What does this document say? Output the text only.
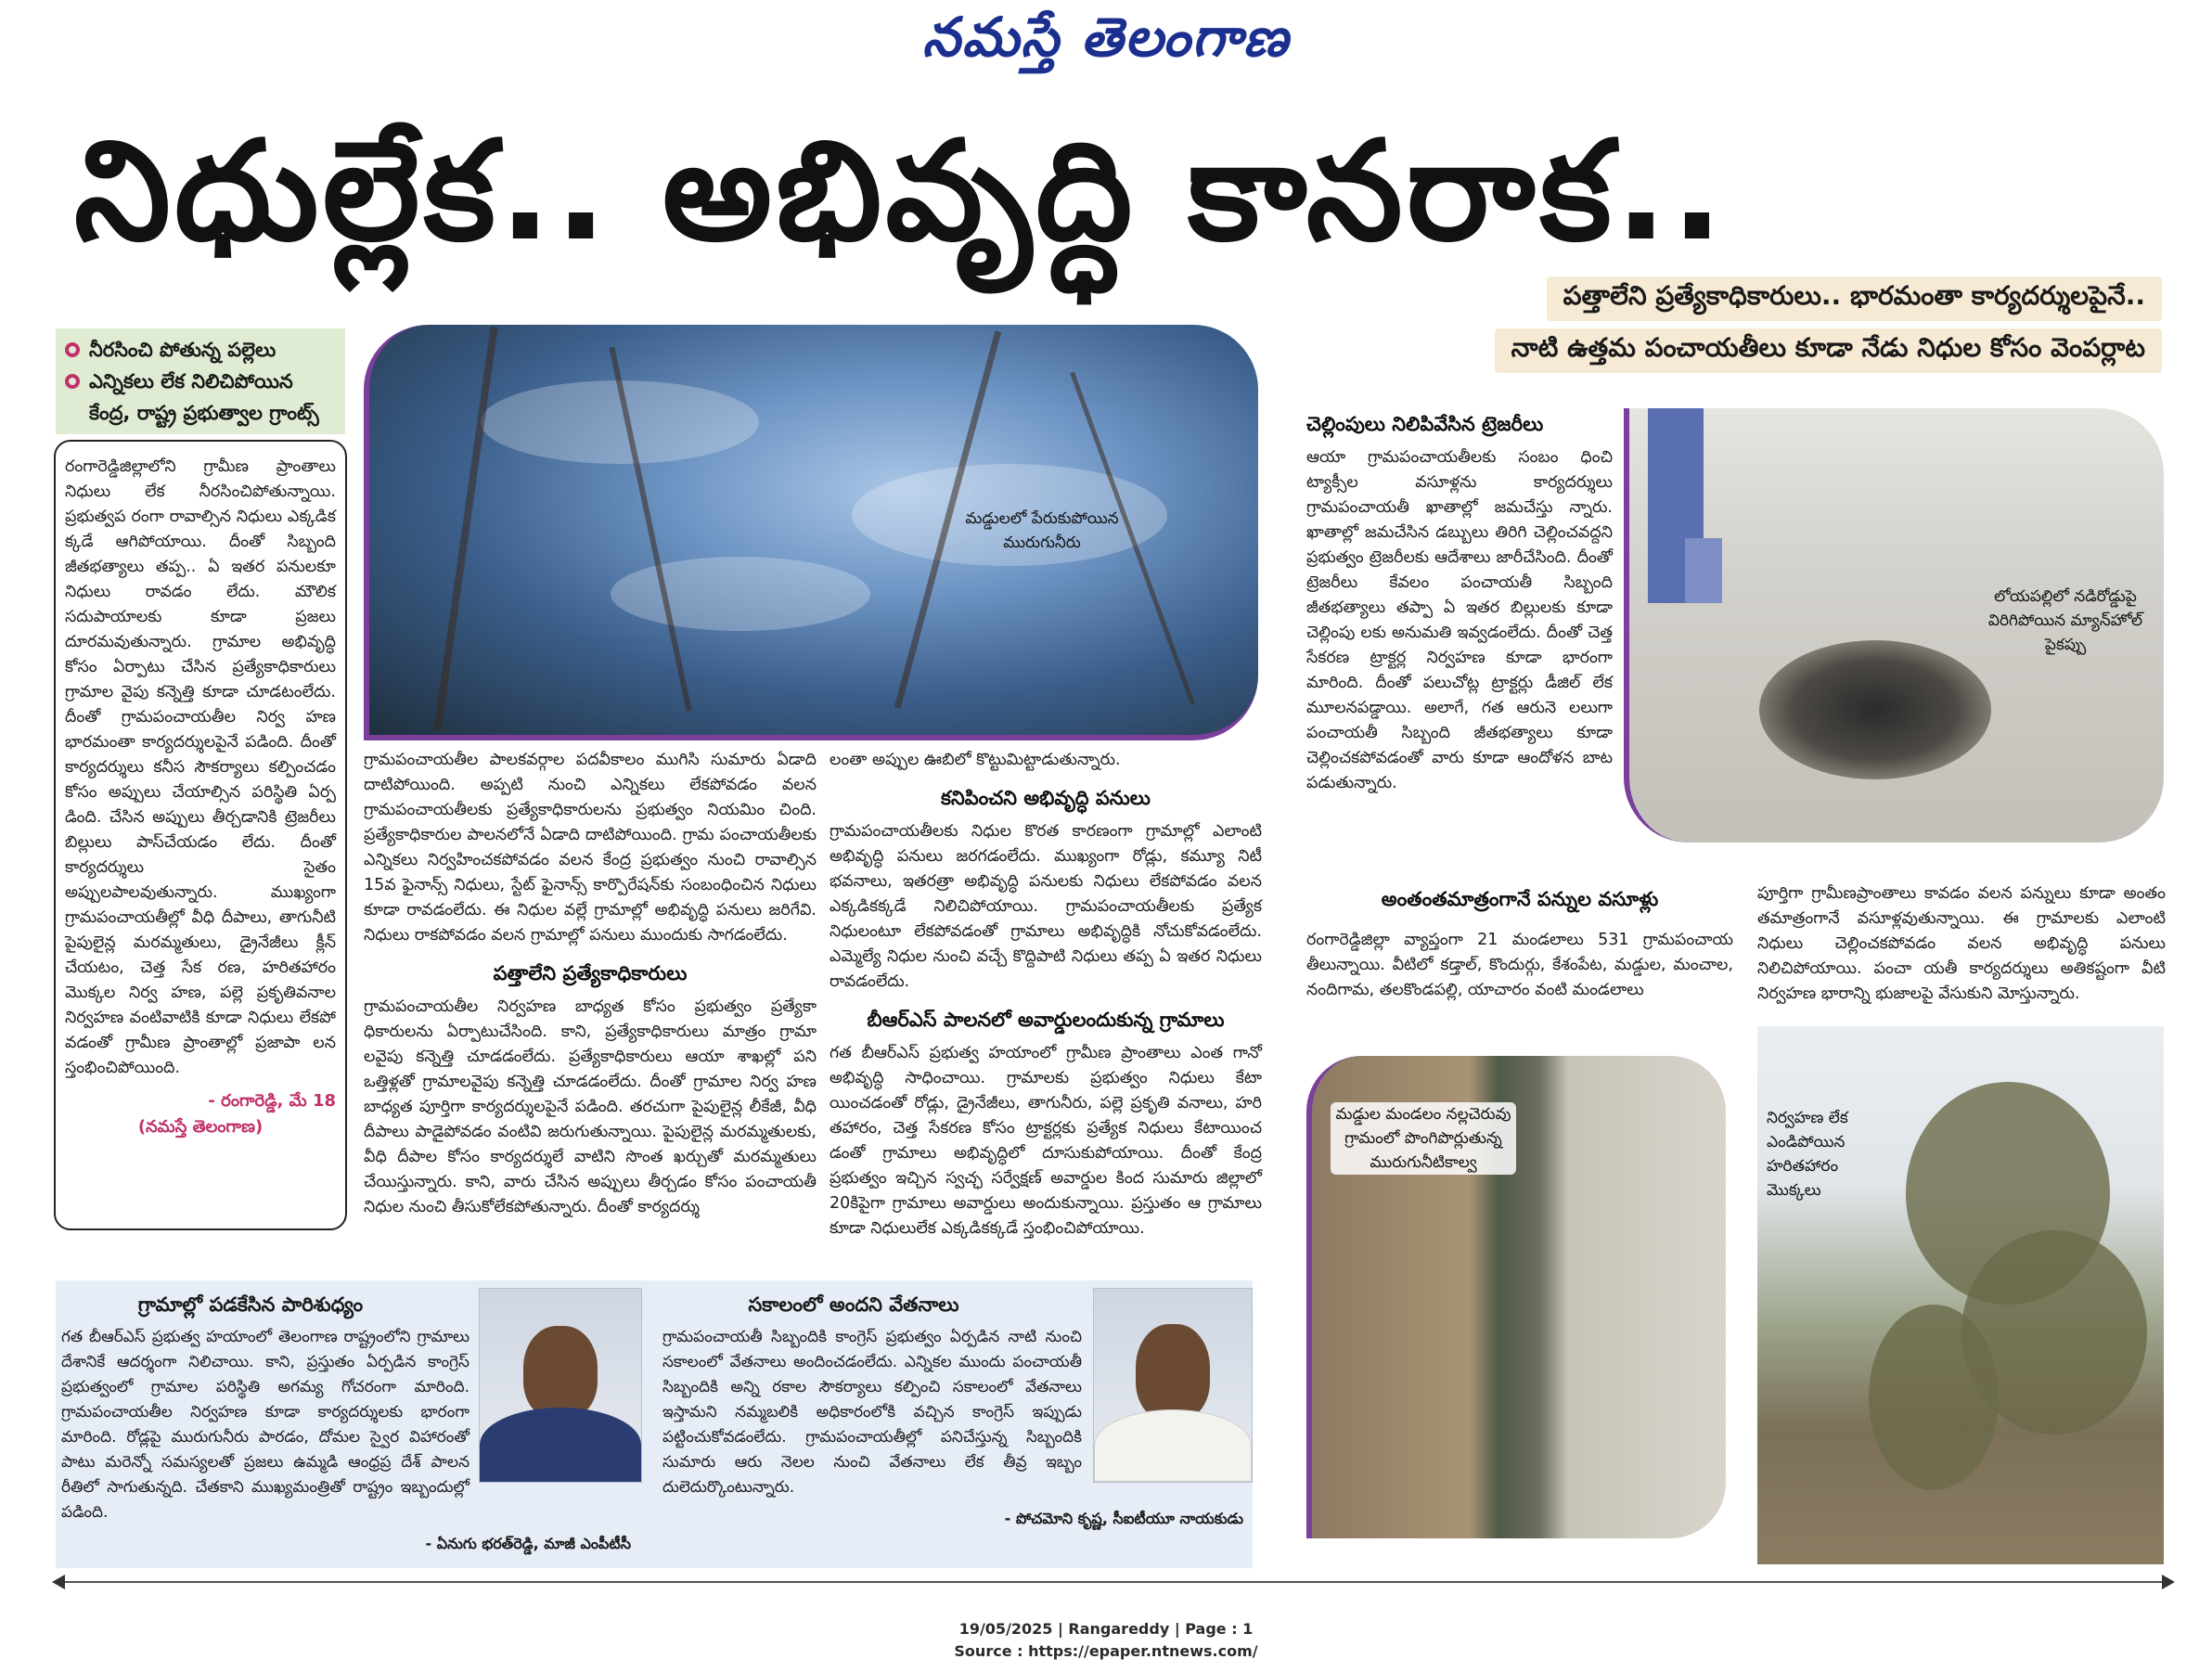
నమస్తే తెలంగాణ
నిధుల్లేక.. అభివృద్ధి కానరాక..
పత్తాలేని ప్రత్యేకాధికారులు.. భారమంతా కార్యదర్శులపైనే..
నాటి ఉత్తమ పంచాయతీలు కూడా నేడు నిధుల కోసం వెంపర్లాట
నీరసించి పోతున్న పల్లెలు
ఎన్నికలు లేక నిలిచిపోయిన
కేంద్ర, రాష్ట్ర ప్రభుత్వాల గ్రాంట్స్

రంగారెడ్డిజిల్లాలోని గ్రామీణ ప్రాంతాలు నిధులు లేక నీరసించిపోతున్నాయి. ప్రభుత్వప రంగా రావాల్సిన నిధులు ఎక్కడిక క్కడే ఆగిపోయాయి. దీంతో సిబ్బంది జీతభత్యాలు తప్ప.. ఏ ఇతర పనులకూ నిధులు రావడం లేదు. మౌలిక సదుపాయాలకు కూడా ప్రజలు దూరమవుతున్నారు. గ్రామాల అభివృద్ధి కోసం ఏర్పాటు చేసిన ప్రత్యేకాధికారులు గ్రామాల వైపు కన్నెత్తి కూడా చూడటంలేదు. దీంతో గ్రామపంచాయతీల నిర్వ హణ భారమంతా కార్యదర్శులపైనే పడింది. దీంతో కార్యదర్శులు కనీస సౌకర్యాలు కల్పించడం కోసం అప్పులు చేయాల్సిన పరిస్థితి ఏర్ప డింది. చేసిన అప్పులు తీర్చడానికి ట్రెజరీలు బిల్లులు పాస్‌చేయడం లేదు. దీంతో కార్యదర్శులు సైతం అప్పులపాలవుతున్నారు. ముఖ్యంగా గ్రామపంచాయతీల్లో వీధి దీపాలు, తాగునీటి పైపులైన్ల మరమ్మతులు, డ్రైనేజీలు క్లీన్ చేయటం, చెత్త సేక రణ, హరితహారం మొక్కల నిర్వ హణ, పల్లె ప్రకృతివనాల నిర్వహణ వంటివాటికి కూడా నిధులు లేకపో వడంతో గ్రామీణ ప్రాంతాల్లో ప్రజాపా లన స్తంభించిపోయింది.

- రంగారెడ్డి, మే 18
(నమస్తే తెలంగాణ)
మడ్డులలో పేరుకుపోయిన మురుగునీరు

గ్రామపంచాయతీల పాలకవర్గాల పదవీకాలం ముగిసి సుమారు ఏడాది దాటిపోయింది. అప్పటి నుంచి ఎన్నికలు లేకపోవడం వలన గ్రామపంచాయతీలకు ప్రత్యేకాధికారులను ప్రభుత్వం నియమిం చింది. ప్రత్యేకాధికారుల పాలనలోనే ఏడాది దాటిపోయింది. గ్రామ పంచాయతీలకు ఎన్నికలు నిర్వహించకపోవడం వలన కేంద్ర ప్రభుత్వం నుంచి రావాల్సిన 15వ ఫైనాన్స్ నిధులు, స్టేట్ ఫైనాన్స్ కార్పొరేషన్‌కు సంబంధించిన నిధులు కూడా రావడంలేదు. ఈ నిధుల వల్లే గ్రామాల్లో అభివృద్ధి పనులు జరిగేవి. నిధులు రాకపోవడం వలన గ్రామాల్లో పనులు ముందుకు సాగడంలేదు.

పత్తాలేని ప్రత్యేకాధికారులు

గ్రామపంచాయతీల నిర్వహణ బాధ్యత కోసం ప్రభుత్వం ప్రత్యేకా ధికారులను ఏర్పాటుచేసింది. కాని, ప్రత్యేకాధికారులు మాత్రం గ్రామా లవైపు కన్నెత్తి చూడడంలేదు. ప్రత్యేకాధికారులు ఆయా శాఖల్లో పని ఒత్తిళ్లతో గ్రామాలవైపు కన్నెత్తి చూడడంలేదు. దీంతో గ్రామాల నిర్వ హణ బాధ్యత పూర్తిగా కార్యదర్శులపైనే పడింది. తరచుగా పైపులైన్ల లీకేజీ, వీధి దీపాలు పాడైపోవడం వంటివి జరుగుతున్నాయి. పైపులైన్ల మరమ్మతులకు, వీధి దీపాల కోసం కార్యదర్శులే వాటిని సొంత ఖర్చుతో మరమ్మతులు చేయిస్తున్నారు. కాని, వారు చేసిన అప్పులు తీర్చడం కోసం పంచాయతీ నిధుల నుంచి తీసుకోలేకపోతున్నారు. దీంతో కార్యదర్శు

లంతా అప్పుల ఊబిలో కొట్టుమిట్టాడుతున్నారు.

కనిపించని అభివృద్ధి పనులు

గ్రామపంచాయతీలకు నిధుల కొరత కారణంగా గ్రామాల్లో ఎలాంటి అభివృద్ధి పనులు జరగడంలేదు. ముఖ్యంగా రోడ్లు, కమ్యూ నిటీ భవనాలు, ఇతరత్రా అభివృద్ధి పనులకు నిధులు లేకపోవడం వలన ఎక్కడికక్కడే నిలిచిపోయాయి. గ్రామపంచాయతీలకు ప్రత్యేక నిధులంటూ లేకపోవడంతో గ్రామాలు అభివృద్ధికి నోచుకోవడంలేదు. ఎమ్మెల్యే నిధుల నుంచి వచ్చే కొద్దిపాటి నిధులు తప్ప ఏ ఇతర నిధులు రావడంలేదు.

బీఆర్‌ఎస్ పాలనలో అవార్డులందుకున్న గ్రామాలు

గత బీఆర్‌ఎస్ ప్రభుత్వ హయాంలో గ్రామీణ ప్రాంతాలు ఎంత గానో అభివృద్ధి సాధించాయి. గ్రామాలకు ప్రభుత్వం నిధులు కేటా యించడంతో రోడ్లు, డ్రైనేజీలు, తాగునీరు, పల్లె ప్రకృతి వనాలు, హరి తహారం, చెత్త సేకరణ కోసం ట్రాక్టర్లకు ప్రత్యేక నిధులు కేటాయించ డంతో గ్రామాలు అభివృద్ధిలో దూసుకుపోయాయి. దీంతో కేంద్ర ప్రభుత్వం ఇచ్చిన స్వచ్ఛ సర్వేక్షణ్ అవార్డుల కింద సుమారు జిల్లాలో 20కిపైగా గ్రామాలు అవార్డులు అందుకున్నాయి. ప్రస్తుతం ఆ గ్రామాలు కూడా నిధులులేక ఎక్కడికక్కడే స్తంభించిపోయాయి.

చెల్లింపులు నిలిపివేసిన ట్రెజరీలు

ఆయా గ్రామపంచాయతీలకు సంబం ధించి ట్యాక్సీల వసూళ్లను కార్యదర్శులు గ్రామపంచాయతీ ఖాతాల్లో జమచేస్తు న్నారు. ఖాతాల్లో జమచేసిన డబ్బులు తిరిగి చెల్లించవద్దని ప్రభుత్వం ట్రెజరీలకు ఆదేశాలు జారీచేసింది. దీంతో ట్రెజరీలు కేవలం పంచాయతీ సిబ్బంది జీతభత్యాలు తప్పా ఏ ఇతర బిల్లులకు కూడా చెల్లింపు లకు అనుమతి ఇవ్వడంలేదు. దీంతో చెత్త సేకరణ ట్రాక్టర్ల నిర్వహణ కూడా భారంగా మారింది. దీంతో పలుచోట్ల ట్రాక్టర్లు డీజిల్ లేక మూలనపడ్డాయి. అలాగే, గత ఆరునె లలుగా పంచాయతీ సిబ్బంది జీతభత్యాలు కూడా చెల్లించకపోవడంతో వారు కూడా ఆందోళన బాట పడుతున్నారు.

లోయపల్లిలో నడిరోడ్డుపై విరిగిపోయిన మ్యాన్‌హోల్ పైకప్పు
అంతంతమాత్రంగానే పన్నుల వసూళ్లు

రంగారెడ్డిజిల్లా వ్యాప్తంగా 21 మండలాలు 531 గ్రామపంచాయ తీలున్నాయి. వీటిలో కడ్తాల్, కొందుర్గు, కేశంపేట, మడ్డుల, మంచాల, నందిగామ, తలకొండపల్లి, యాచారం వంటి మండలాలు

పూర్తిగా గ్రామీణప్రాంతాలు కావడం వలన పన్నులు కూడా అంతం తమాత్రంగానే వసూళ్లవుతున్నాయి. ఈ గ్రామాలకు ఎలాంటి నిధులు చెల్లించకపోవడం వలన అభివృద్ధి పనులు నిలిచిపోయాయి. పంచా యతీ కార్యదర్శులు అతికష్టంగా వీటి నిర్వహణ భారాన్ని భుజాలపై వేసుకుని మోస్తున్నారు.

మడ్డుల మండలం నల్లచెరువు గ్రామంలో పొంగిపొర్లుతున్న మురుగునీటికాల్వ
నిర్వహణ లేక ఎండిపోయిన హరితహారం మొక్కలు
గ్రామాల్లో పడకేసిన పారిశుధ్యం
గత బీఆర్‌ఎస్ ప్రభుత్వ హయాంలో తెలంగాణ రాష్ట్రంలోని గ్రామాలు దేశానికే ఆదర్శంగా నిలిచాయి. కాని, ప్రస్తుతం ఏర్పడిన కాంగ్రెస్ ప్రభుత్వంలో గ్రామాల పరిస్థితి అగమ్య గోచరంగా మారింది. గ్రామపంచాయతీల నిర్వహణ కూడా కార్యదర్శులకు భారంగా మారింది. రోడ్లపై మురుగునీరు పారడం, దోమల స్వైర విహారంతో పాటు మరెన్నో సమస్యలతో ప్రజలు ఉమ్మడి ఆంధ్రప్ర దేశ్ పాలన రీతిలో సాగుతున్నది. చేతకాని ముఖ్యమంత్రితో రాష్ట్రం ఇబ్బందుల్లో పడింది.
- ఏనుగు భరత్‌రెడ్డి, మాజీ ఎంపీటీసీ
సకాలంలో అందని వేతనాలు
గ్రామపంచాయతీ సిబ్బందికి కాంగ్రెస్ ప్రభుత్వం ఏర్పడిన నాటి నుంచి సకాలంలో వేతనాలు అందించడంలేదు. ఎన్నికల ముందు పంచాయతీ సిబ్బందికి అన్ని రకాల సౌకర్యాలు కల్పించి సకాలంలో వేతనాలు ఇస్తామని నమ్మబలికి అధికారంలోకి వచ్చిన కాంగ్రెస్ ఇప్పుడు పట్టించుకోవడంలేదు. గ్రామపంచాయతీల్లో పనిచేస్తున్న సిబ్బందికి సుమారు ఆరు నెలల నుంచి వేతనాలు లేక తీవ్ర ఇబ్బం దులెదుర్కొంటున్నారు.
- పోచమోని కృష్ణ, సీఐటీయూ నాయకుడు
19/05/2025 | Rangareddy | Page : 1
Source : https://epaper.ntnews.com/
